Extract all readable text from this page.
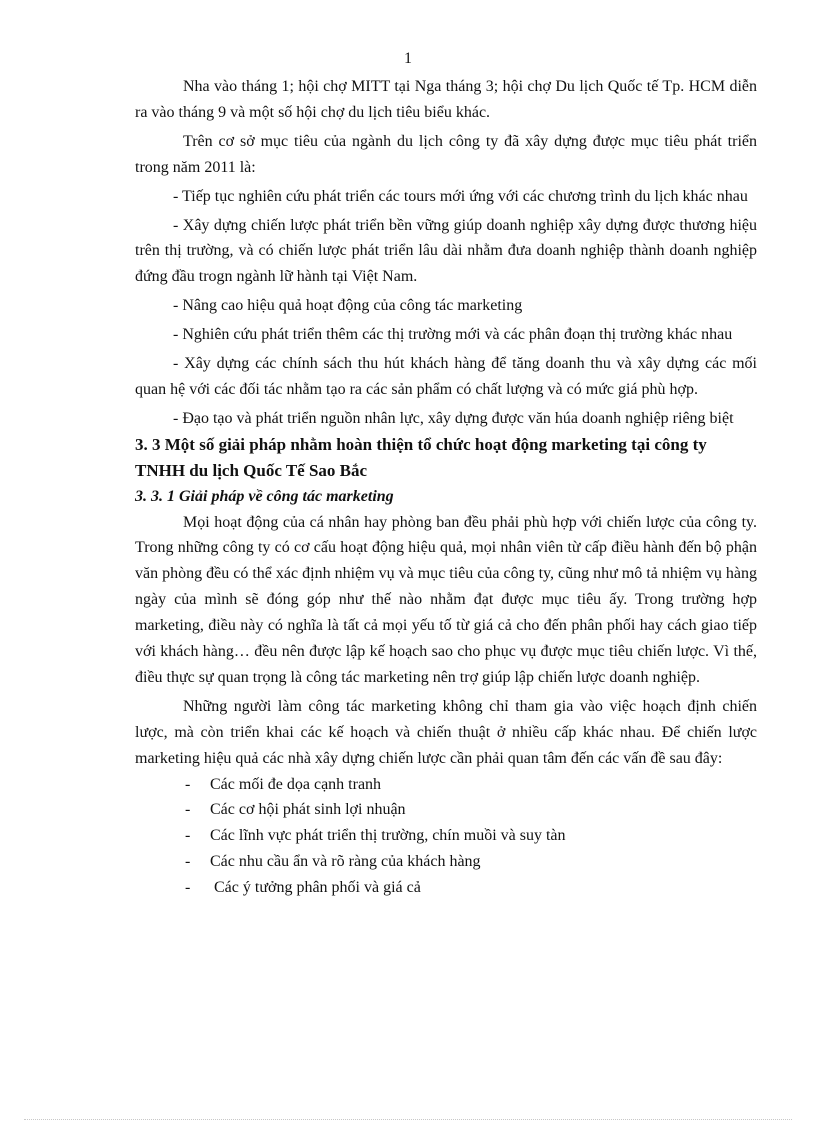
1

Nha vào tháng 1; hội chợ MITT tại Nga tháng 3; hội chợ Du lịch Quốc tế Tp. HCM diễn ra vào tháng 9 và một số hội chợ du lịch tiêu biểu khác.

Trên cơ sở mục tiêu của ngành du lịch công ty đã xây dựng được mục tiêu phát triển trong năm 2011 là:

- Tiếp tục nghiên cứu phát triển các tours mới ứng với các chương trình du lịch khác nhau

- Xây dựng chiến lược phát triển bền vững giúp doanh nghiệp xây dựng được thương hiệu trên thị trường, và có chiến lược phát triển lâu dài nhằm đưa doanh nghiệp thành doanh nghiệp đứng đầu trogn ngành lữ hành tại Việt Nam.

- Nâng cao hiệu quả hoạt động của công tác marketing

- Nghiên cứu phát triển thêm các thị trường mới và các phân đoạn thị trường khác nhau

- Xây dựng các chính sách thu hút khách hàng để tăng doanh thu và xây dựng các mối quan hệ với các đối tác nhằm tạo ra các sản phẩm có chất lượng và có mức giá phù hợp.

- Đạo tạo và phát triển nguồn nhân lực, xây dựng được văn húa doanh nghiệp riêng biệt

3. 3 Một số giải pháp nhằm hoàn thiện tổ chức hoạt động marketing tại công ty TNHH du lịch Quốc Tế Sao Bắc

3. 3. 1 Giải pháp về công tác marketing

Mọi hoạt động của cá nhân hay phòng ban đều phải phù hợp với chiến lược của công ty. Trong những công ty có cơ cấu hoạt động hiệu quả, mọi nhân viên từ cấp điều hành đến bộ phận văn phòng đều có thể xác định nhiệm vụ và mục tiêu của công ty, cũng như mô tả nhiệm vụ hàng ngày của mình sẽ đóng góp như thế nào nhằm đạt được mục tiêu ấy. Trong trường hợp marketing, điều này có nghĩa là tất cả mọi yếu tố từ giá cả cho đến phân phối hay cách giao tiếp với khách hàng… đều nên được lập kế hoạch sao cho phục vụ được mục tiêu chiến lược. Vì thế, điều thực sự quan trọng là công tác marketing nên trợ giúp lập chiến lược doanh nghiệp.

Những người làm công tác marketing không chỉ tham gia vào việc hoạch định chiến lược, mà còn triển khai các kế hoạch và chiến thuật ở nhiều cấp khác nhau. Để chiến lược marketing hiệu quả các nhà xây dựng chiến lược cần phải quan tâm đến các vấn đề sau đây:

- Các mối đe dọa cạnh tranh
- Các cơ hội phát sinh lợi nhuận
- Các lĩnh vực phát triển thị trường, chín muồi và suy tàn
- Các nhu cầu ẩn và rõ ràng của khách hàng
- Các ý tưởng phân phối và giá cả
